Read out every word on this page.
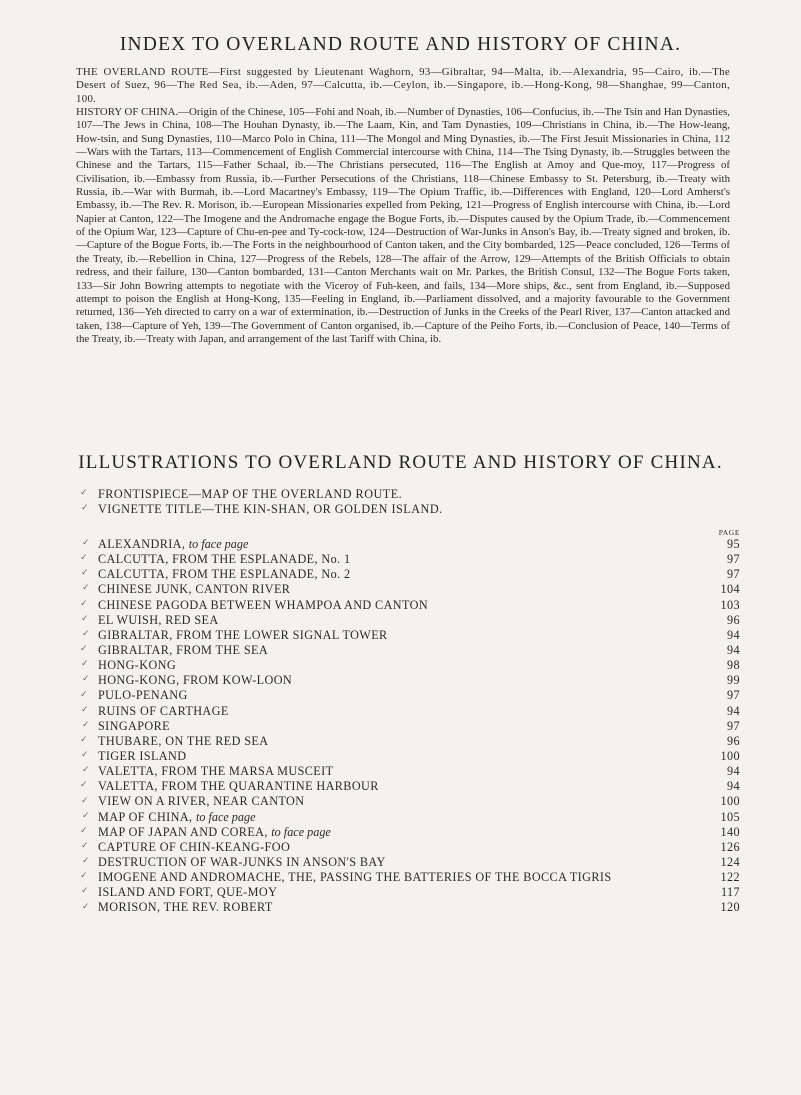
INDEX TO OVERLAND ROUTE AND HISTORY OF CHINA.

THE OVERLAND ROUTE—First suggested by Lieutenant Waghorn, 93—Gibraltar, 94—Malta, ib.—Alexandria, 95—Cairo, ib.—The Desert of Suez, 96—The Red Sea, ib.—Aden, 97—Calcutta, ib.—Ceylon, ib.—Singapore, ib.—Hong-Kong, 98—Shanghae, 99—Canton, 100.

HISTORY OF CHINA.—Origin of the Chinese, 105—Fohi and Noah, ib.—Number of Dynasties, 106—Confucius, ib.—The Tsin and Han Dynasties, 107—The Jews in China, 108—The Houhan Dynasty, ib.—The Laam, Kin, and Tam Dynasties, 109—Christians in China, ib.—The How-leang, How-tsin, and Sung Dynasties, 110—Marco Polo in China, 111—The Mongol and Ming Dynasties, ib.—The First Jesuit Missionaries in China, 112—Wars with the Tartars, 113—Commencement of English Commercial intercourse with China, 114—The Tsing Dynasty, ib.—Struggles between the Chinese and the Tartars, 115—Father Schaal, ib.—The Christians persecuted, 116—The English at Amoy and Que-moy, 117—Progress of Civilisation, ib.—Embassy from Russia, ib.—Further Persecutions of the Christians, 118—Chinese Embassy to St. Petersburg, ib.—Treaty with Russia, ib.—War with Burmah, ib.—Lord Macartney's Embassy, 119—The Opium Traffic, ib.—Differences with England, 120—Lord Amherst's Embassy, ib.—The Rev. R. Morison, ib.—European Missionaries expelled from Peking, 121—Progress of English intercourse with China, ib.—Lord Napier at Canton, 122—The Imogene and the Andromache engage the Bogue Forts, ib.—Disputes caused by the Opium Trade, ib.—Commencement of the Opium War, 123—Capture of Chu-en-pee and Ty-cock-tow, 124—Destruction of War-Junks in Anson's Bay, ib.—Treaty signed and broken, ib.—Capture of the Bogue Forts, ib.—The Forts in the neighbourhood of Canton taken, and the City bombarded, 125—Peace concluded, 126—Terms of the Treaty, ib.—Rebellion in China, 127—Progress of the Rebels, 128—The affair of the Arrow, 129—Attempts of the British Officials to obtain redress, and their failure, 130—Canton bombarded, 131—Canton Merchants wait on Mr. Parkes, the British Consul, 132—The Bogue Forts taken, 133—Sir John Bowring attempts to negotiate with the Viceroy of Fuh-keen, and fails, 134—More ships, &c., sent from England, ib.—Supposed attempt to poison the English at Hong-Kong, 135—Feeling in England, ib.—Parliament dissolved, and a majority favourable to the Government returned, 136—Yeh directed to carry on a war of extermination, ib.—Destruction of Junks in the Creeks of the Pearl River, 137—Canton attacked and taken, 138—Capture of Yeh, 139—The Government of Canton organised, ib.—Capture of the Peiho Forts, ib.—Conclusion of Peace, 140—Terms of the Treaty, ib.—Treaty with Japan, and arrangement of the last Tariff with China, ib.

ILLUSTRATIONS TO OVERLAND ROUTE AND HISTORY OF CHINA.
FRONTISPIECE—MAP OF THE OVERLAND ROUTE.
VIGNETTE TITLE—THE KIN-SHAN, OR GOLDEN ISLAND.
PAGE
ALEXANDRIA, to face page	95
CALCUTTA, FROM THE ESPLANADE, No. 1	97
CALCUTTA, FROM THE ESPLANADE, No. 2	97
CHINESE JUNK, CANTON RIVER	104
CHINESE PAGODA BETWEEN WHAMPOA AND CANTON	103
EL WUISH, RED SEA	96
GIBRALTAR, FROM THE LOWER SIGNAL TOWER	94
GIBRALTAR, FROM THE SEA	94
HONG-KONG	98
HONG-KONG, FROM KOW-LOON	99
PULO-PENANG	97
RUINS OF CARTHAGE	94
SINGAPORE	97
THUBARE, ON THE RED SEA	96
TIGER ISLAND	100
VALETTA, FROM THE MARSA MUSCEIT	94
VALETTA, FROM THE QUARANTINE HARBOUR	94
VIEW ON A RIVER, NEAR CANTON	100
MAP OF CHINA, to face page	105
MAP OF JAPAN AND COREA, to face page	140
CAPTURE OF CHIN-KEANG-FOO	126
DESTRUCTION OF WAR-JUNKS IN ANSON'S BAY	124
IMOGENE AND ANDROMACHE, THE, PASSING THE BATTERIES OF THE BOCCA TIGRIS	122
ISLAND AND FORT, QUE-MOY	117
MORISON, THE REV. ROBERT	120
✓
✓
✓
✓
✓
✓
✓
✓
✓
✓
✓
✓
✓
✓
✓
✓
✓
✓
✓
✓
✓
✓
✓
✓
✓
✓
✓
